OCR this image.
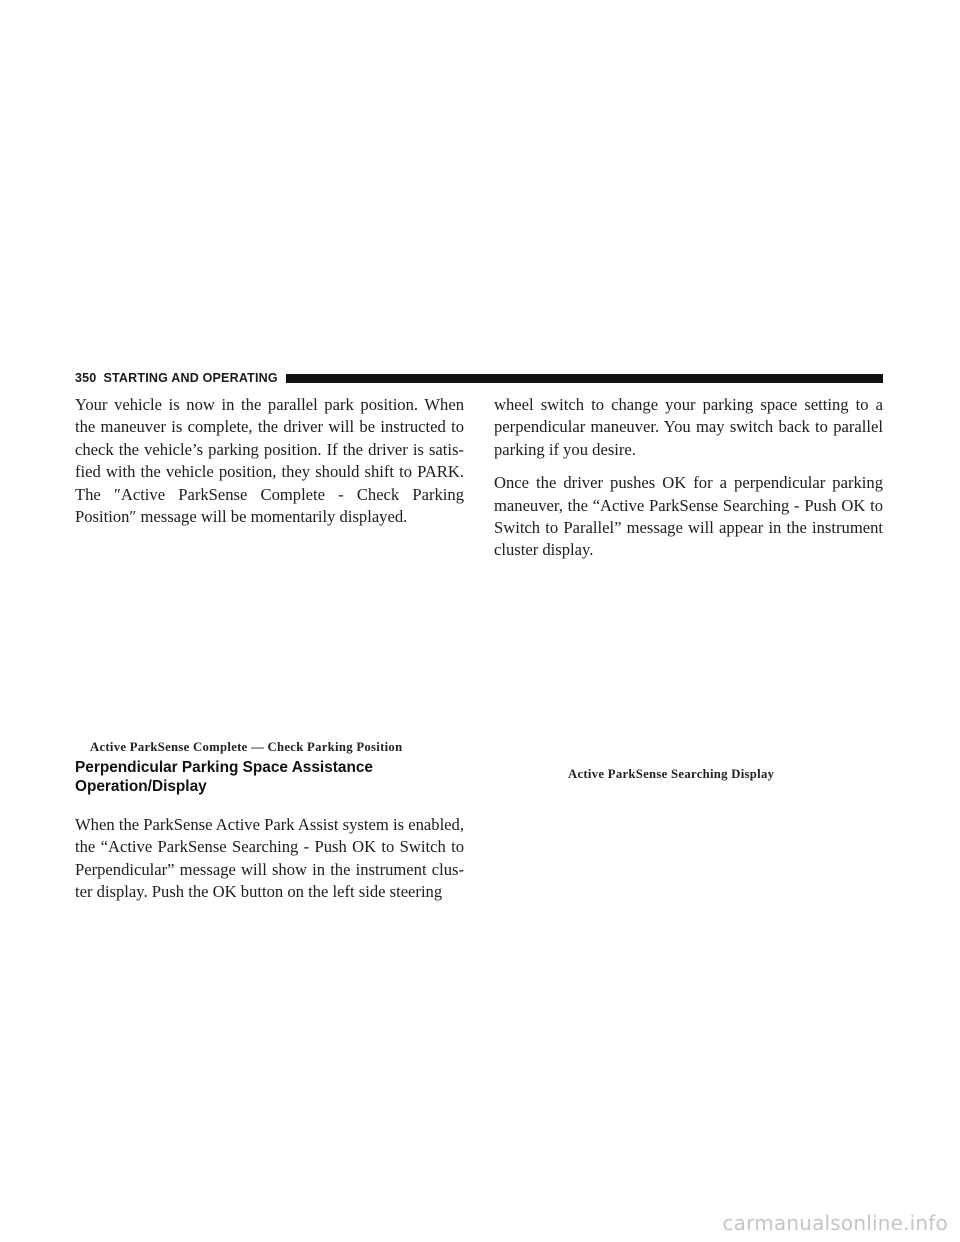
350 STARTING AND OPERATING

Your vehicle is now in the parallel park position. When the maneuver is complete, the driver will be instructed to check the vehicle’s parking position. If the driver is satisfied with the vehicle position, they should shift to PARK. The ″Active ParkSense Complete - Check Parking Position″ message will be momentarily displayed.

wheel switch to change your parking space setting to a perpendicular maneuver. You may switch back to parallel parking if you desire.

Once the driver pushes OK for a perpendicular parking maneuver, the “Active ParkSense Searching - Push OK to Switch to Parallel” message will appear in the instrument cluster display.

Active ParkSense Complete — Check Parking Position
Perpendicular Parking Space Assistance Operation/Display

When the ParkSense Active Park Assist system is enabled, the “Active ParkSense Searching - Push OK to Switch to Perpendicular” message will show in the instrument cluster display. Push the OK button on the left side steering

Active ParkSense Searching Display
carmanualsonline.info
